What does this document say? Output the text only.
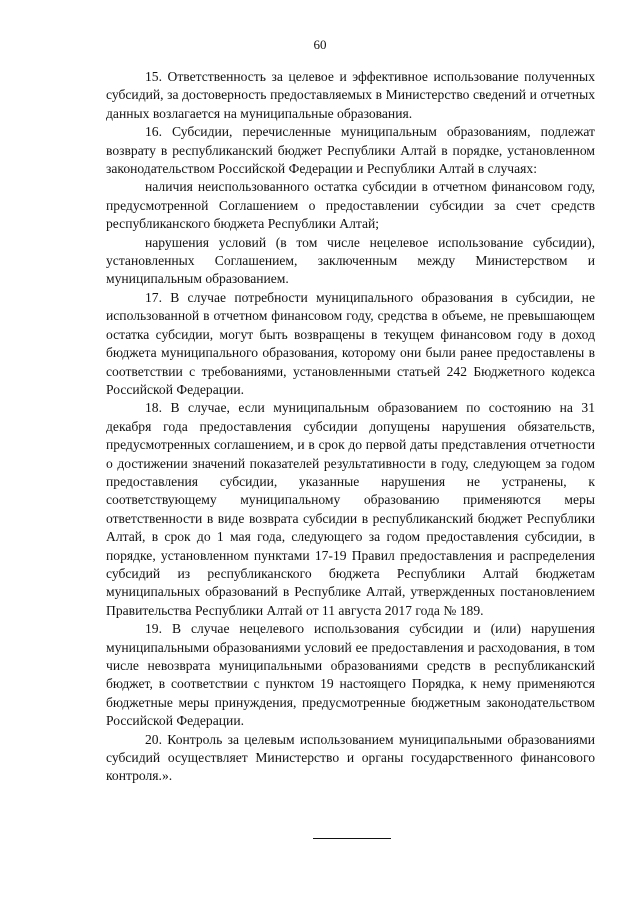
60

15. Ответственность за целевое и эффективное использование полученных субсидий, за достоверность предоставляемых в Министерство сведений и отчетных данных возлагается на муниципальные образования.

16. Субсидии, перечисленные муниципальным образованиям, подлежат возврату в республиканский бюджет Республики Алтай в порядке, установленном законодательством Российской Федерации и Республики Алтай в случаях:

наличия неиспользованного остатка субсидии в отчетном финансовом году, предусмотренной Соглашением о предоставлении субсидии за счет средств республиканского бюджета Республики Алтай;

нарушения условий (в том числе нецелевое использование субсидии), установленных Соглашением, заключенным между Министерством и муниципальным образованием.

17. В случае потребности муниципального образования в субсидии, не использованной в отчетном финансовом году, средства в объеме, не превышающем остатка субсидии, могут быть возвращены в текущем финансовом году в доход бюджета муниципального образования, которому они были ранее предоставлены в соответствии с требованиями, установленными статьей 242 Бюджетного кодекса Российской Федерации.

18. В случае, если муниципальным образованием по состоянию на 31 декабря года предоставления субсидии допущены нарушения обязательств, предусмотренных соглашением, и в срок до первой даты представления отчетности о достижении значений показателей результативности в году, следующем за годом предоставления субсидии, указанные нарушения не устранены, к соответствующему муниципальному образованию применяются меры ответственности в виде возврата субсидии в республиканский бюджет Республики Алтай, в срок до 1 мая года, следующего за годом предоставления субсидии, в порядке, установленном пунктами 17-19 Правил предоставления и распределения субсидий из республиканского бюджета Республики Алтай бюджетам муниципальных образований в Республике Алтай, утвержденных постановлением Правительства Республики Алтай от 11 августа 2017 года № 189.

19. В случае нецелевого использования субсидии и (или) нарушения муниципальными образованиями условий ее предоставления и расходования, в том числе невозврата муниципальными образованиями средств в республиканский бюджет, в соответствии с пунктом 19 настоящего Порядка, к нему применяются бюджетные меры принуждения, предусмотренные бюджетным законодательством Российской Федерации.

20. Контроль за целевым использованием муниципальными образованиями субсидий осуществляет Министерство и органы государственного финансового контроля.».
